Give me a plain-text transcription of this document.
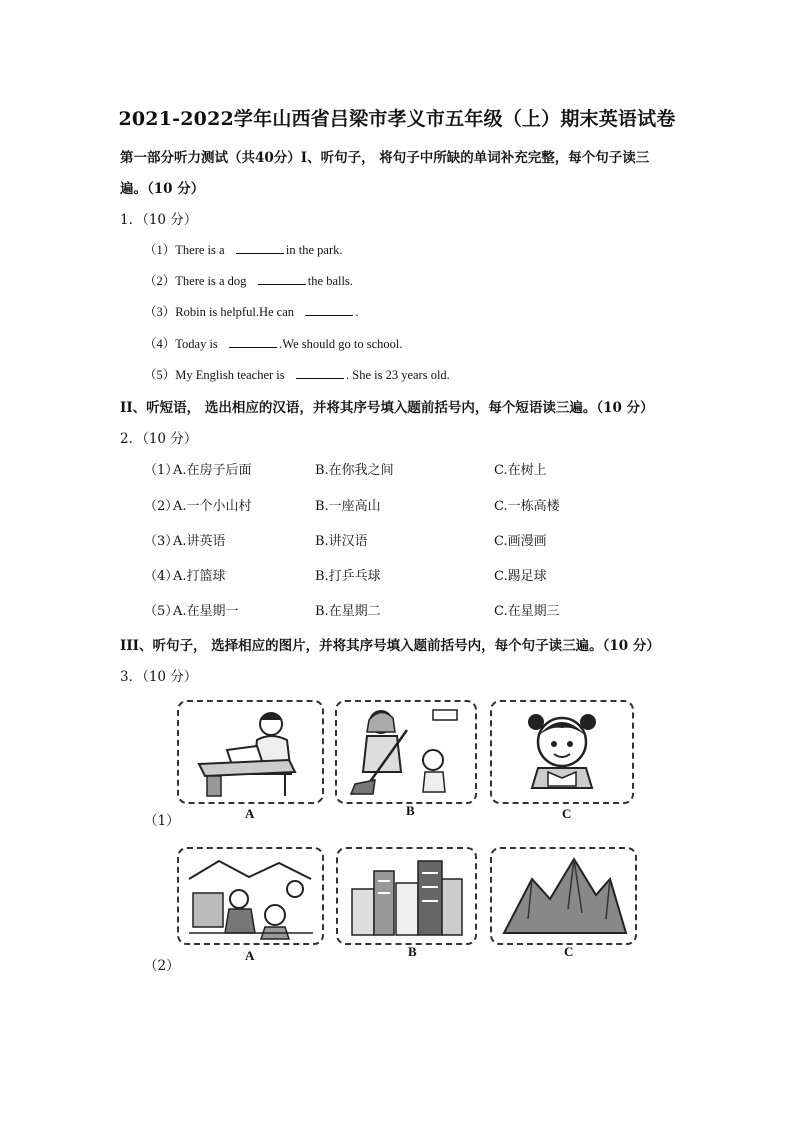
2021-2022学年山西省吕梁市孝义市五年级（上）期末英语试卷
第一部分听力测试（共40分）I、听句子， 将句子中所缺的单词补充完整，每个句子读三
遍。（10 分）
1．（10 分）
（1）There is a	in the park.
（2）There is a dog	the balls.
（3）Robin is helpful.He can	.
（4）Today is	.We should go to school.
（5）My English teacher is	. She is 23 years old.
II、听短语， 选出相应的汉语，并将其序号填入题前括号内，每个短语读三遍。（10 分）
2．（10 分）
（1）
A.在房子后面	B.在你我之间	C.在树上
（2）
A.一个小山村	B.一座高山	C.一栋高楼
（3）
A.讲英语	B.讲汉语	C.画漫画
（4）
A.打篮球	B.打乒乓球	C.踢足球
（5）
A.在星期一	B.在星期二	C.在星期三
III、听句子， 选择相应的图片，并将其序号填入题前括号内，每个句子读三遍。（10 分）
3．（10 分）
（1）	A	B	C
（2）
A	B	C
